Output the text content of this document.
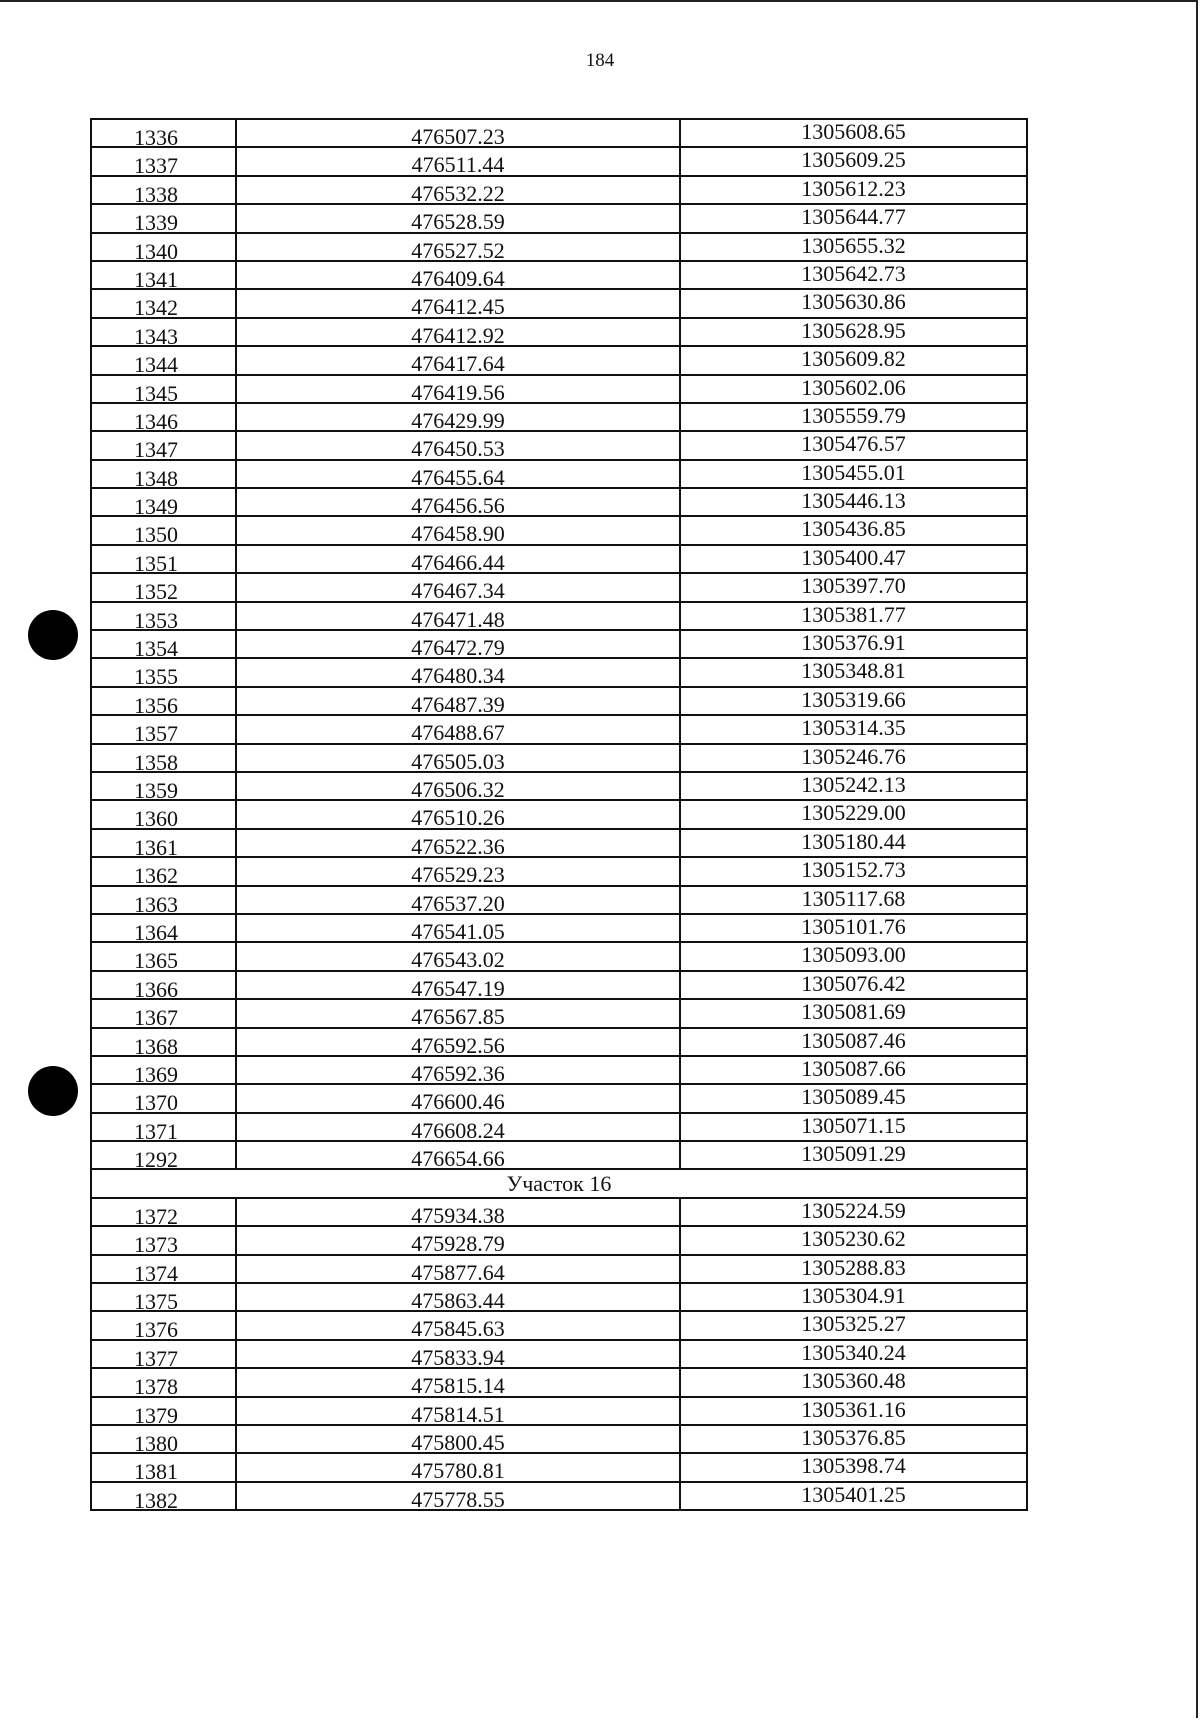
184
1336	476507.23	1305608.65
1337	476511.44	1305609.25
1338	476532.22	1305612.23
1339	476528.59	1305644.77
1340	476527.52	1305655.32
1341	476409.64	1305642.73
1342	476412.45	1305630.86
1343	476412.92	1305628.95
1344	476417.64	1305609.82
1345	476419.56	1305602.06
1346	476429.99	1305559.79
1347	476450.53	1305476.57
1348	476455.64	1305455.01
1349	476456.56	1305446.13
1350	476458.90	1305436.85
1351	476466.44	1305400.47
1352	476467.34	1305397.70
1353	476471.48	1305381.77
1354	476472.79	1305376.91
1355	476480.34	1305348.81
1356	476487.39	1305319.66
1357	476488.67	1305314.35
1358	476505.03	1305246.76
1359	476506.32	1305242.13
1360	476510.26	1305229.00
1361	476522.36	1305180.44
1362	476529.23	1305152.73
1363	476537.20	1305117.68
1364	476541.05	1305101.76
1365	476543.02	1305093.00
1366	476547.19	1305076.42
1367	476567.85	1305081.69
1368	476592.56	1305087.46
1369	476592.36	1305087.66
1370	476600.46	1305089.45
1371	476608.24	1305071.15
1292	476654.66	1305091.29
Участок 16
1372	475934.38	1305224.59
1373	475928.79	1305230.62
1374	475877.64	1305288.83
1375	475863.44	1305304.91
1376	475845.63	1305325.27
1377	475833.94	1305340.24
1378	475815.14	1305360.48
1379	475814.51	1305361.16
1380	475800.45	1305376.85
1381	475780.81	1305398.74
1382	475778.55	1305401.25
